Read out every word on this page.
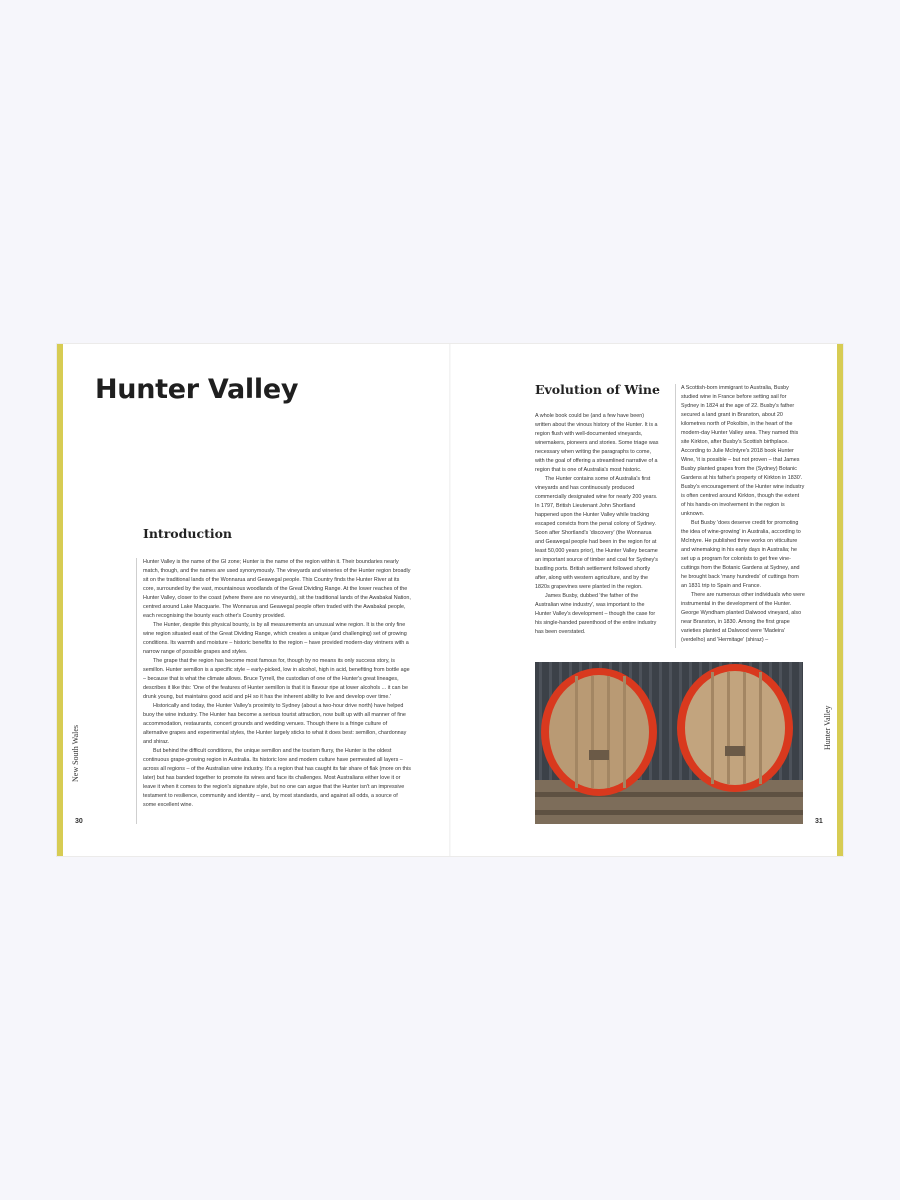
Hunter Valley
Introduction

Hunter Valley is the name of the GI zone; Hunter is the name of the region within it. Their boundaries nearly match, though, and the names are used synonymously. The vineyards and wineries of the Hunter region broadly sit on the traditional lands of the Wonnarua and Geawegal people. This Country finds the Hunter River at its core, surrounded by the vast, mountainous woodlands of the Great Dividing Range. At the lower reaches of the Hunter Valley, closer to the coast (where there are no vineyards), sit the traditional lands of the Awabakal Nation, centred around Lake Macquarie. The Wonnarua and Geawegal people often traded with the Awabakal people, each recognising the bounty each other's Country provided.

The Hunter, despite this physical bounty, is by all measurements an unusual wine region. It is the only fine wine region situated east of the Great Dividing Range, which creates a unique (and challenging) set of growing conditions. Its warmth and moisture – historic benefits to the region – have provided modern-day vintners with a narrow range of possible grapes and styles.

The grape that the region has become most famous for, though by no means its only success story, is semillon. Hunter semillon is a specific style – early-picked, low in alcohol, high in acid, benefiting from bottle age – because that is what the climate allows. Bruce Tyrrell, the custodian of one of the Hunter's great lineages, describes it like this: 'One of the features of Hunter semillon is that it is flavour ripe at lower alcohols ... it can be drunk young, but maintains good acid and pH so it has the inherent ability to live and develop over time.'

Historically and today, the Hunter Valley's proximity to Sydney (about a two-hour drive north) have helped buoy the wine industry. The Hunter has become a serious tourist attraction, now built up with all manner of fine accommodation, restaurants, concert grounds and wedding venues. Though there is a fringe culture of alternative grapes and experimental styles, the Hunter largely sticks to what it does best: semillon, chardonnay and shiraz.

But behind the difficult conditions, the unique semillon and the tourism flurry, the Hunter is the oldest continuous grape-growing region in Australia. Its historic lore and modern culture have permeated all layers – across all regions – of the Australian wine industry. It's a region that has caught its fair share of flak (more on this later) but has banded together to promote its wines and face its challenges. Most Australians either love it or leave it when it comes to the region's signature style, but no one can argue that the Hunter isn't an impressive testament to resilience, community and identity – and, by most standards, and against all odds, a source of some excellent wine.

Evolution of Wine

A whole book could be (and a few have been) written about the vinous history of the Hunter. It is a region flush with well-documented vineyards, winemakers, pioneers and stories. Some triage was necessary when writing the paragraphs to come, with the goal of offering a streamlined narrative of a region that is one of Australia's most historic.

The Hunter contains some of Australia's first vineyards and has continuously produced commercially designated wine for nearly 200 years. In 1797, British Lieutenant John Shortland happened upon the Hunter Valley while tracking escaped convicts from the penal colony of Sydney. Soon after Shortland's 'discovery' (the Wonnarua and Geawegal people had been in the region for at least 50,000 years prior), the Hunter Valley became an important source of timber and coal for Sydney's bustling ports. British settlement followed shortly after, along with western agriculture, and by the 1820s grapevines were planted in the region.

James Busby, dubbed 'the father of the Australian wine industry', was important to the Hunter Valley's development – though the case for his single-handed parenthood of the entire industry has been overstated.

A Scottish-born immigrant to Australia, Busby studied wine in France before setting sail for Sydney in 1824 at the age of 22. Busby's father secured a land grant in Branxton, about 20 kilometres north of Pokolbin, in the heart of the modern-day Hunter Valley area. They named this site Kirkton, after Busby's Scottish birthplace. According to Julie McIntyre's 2018 book Hunter Wine, 'it is possible – but not proven – that James Busby planted grapes from the (Sydney) Botanic Gardens at his father's property of Kirkton in 1830'. Busby's encouragement of the Hunter wine industry is often centred around Kirkton, though the extent of his hands-on involvement in the region is unknown.

But Busby 'does deserve credit for promoting the idea of wine-growing' in Australia, according to McIntyre. He published three works on viticulture and winemaking in his early days in Australia; he set up a program for colonists to get free vine-cuttings from the Botanic Gardens at Sydney, and he brought back 'many hundreds' of cuttings from an 1831 trip to Spain and France.

There are numerous other individuals who were instrumental in the development of the Hunter. George Wyndham planted Dalwood vineyard, also near Branxton, in 1830. Among the first grape varieties planted at Dalwood were 'Madeira' (verdelho) and 'Hermitage' (shiraz) –

New South Wales	Hunter Valley
30	31
